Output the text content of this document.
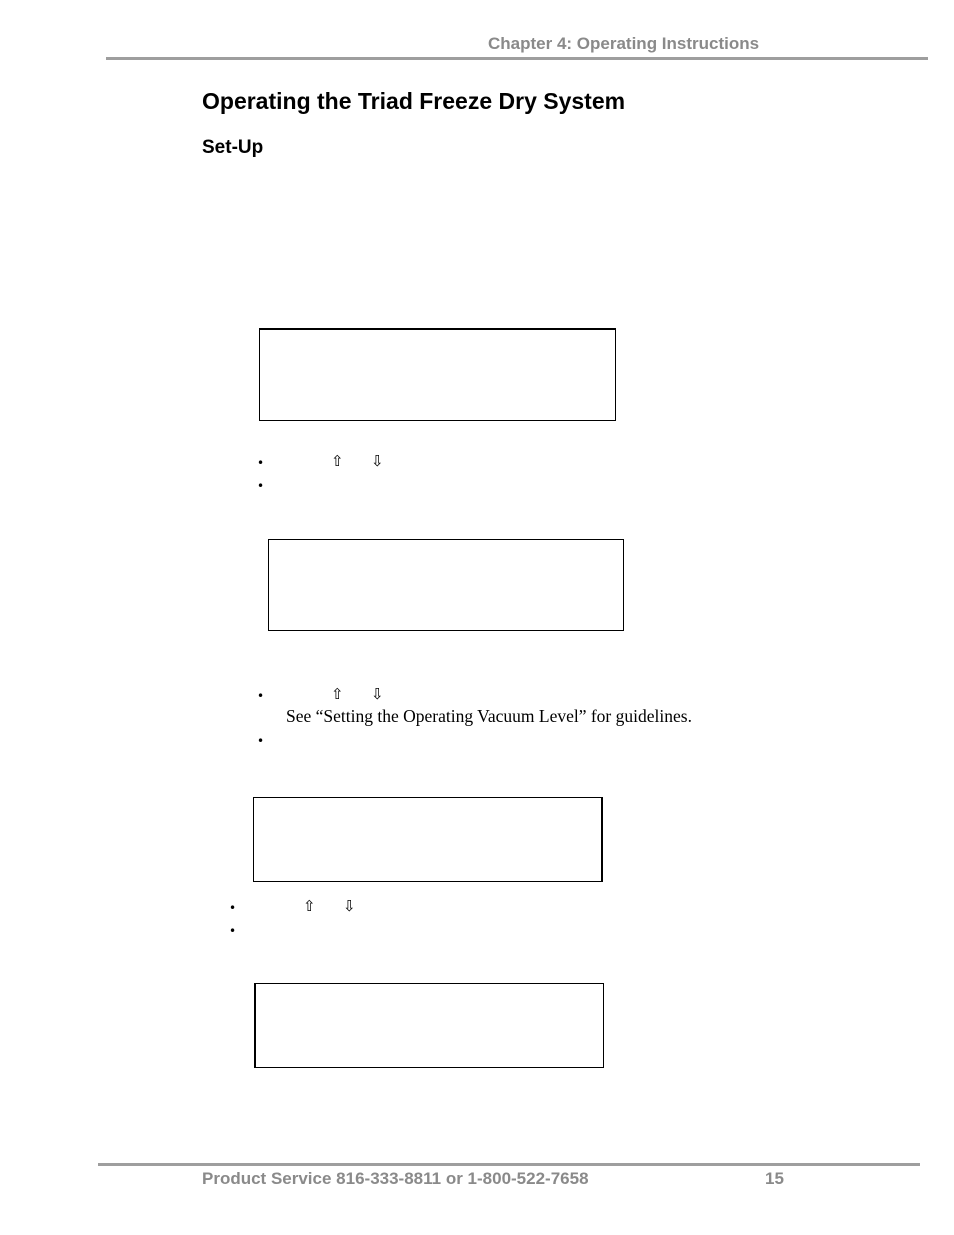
Chapter 4: Operating Instructions
Operating the Triad Freeze Dry System
Set-Up
•	⇧ ⇩
•
•	⇧ ⇩
See “Setting the Operating Vacuum Level” for guidelines.
•
•	⇧ ⇩
•
Product Service 816-333-8811 or 1-800-522-7658	15
